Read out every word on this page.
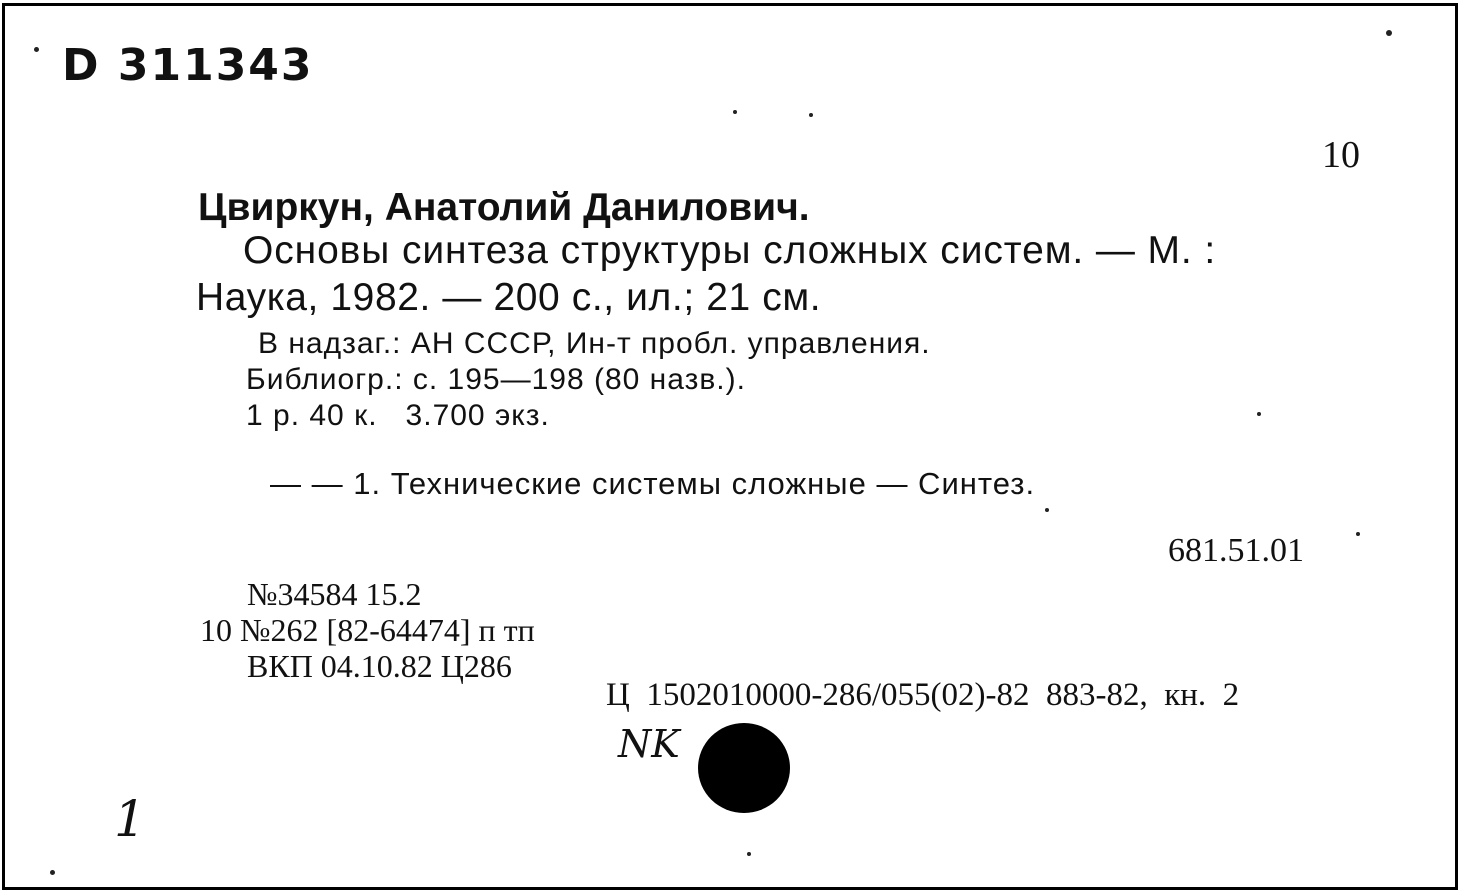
D 311343
10
Цвиркун, Анатолий Данилович.
Основы синтеза структуры сложных систем. — М. :
Наука, 1982. — 200 с., ил.; 21 см.
В надзаг.: АН СССР, Ин-т пробл. управления.
Библиогр.: с. 195—198 (80 назв.).
1 р. 40 к.   3.700 экз.
— — 1. Технические системы сложные — Синтез.
681.51.01
№34584 15.2
10 №262 [82-64474] п тп
ВКП 04.10.82 Ц286
Ц  1502010000-286/055(02)-82  883-82,  кн.  2
NK
1
